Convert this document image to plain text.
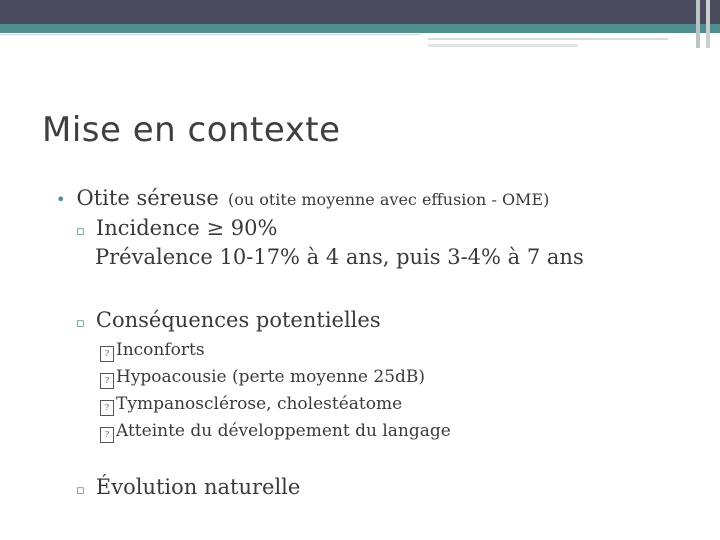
Mise en contexte
• Otite séreuse (ou otite moyenne avec effusion - OME)
▫ Incidence ≥ 90%
Prévalence 10-17% à 4 ans, puis 3-4% à 7 ans
▫ Conséquences potentielles
? Inconforts
? Hypoacousie (perte moyenne 25dB)
? Tympanosclérose, cholestéatome
? Atteinte du développement du langage
▫ Évolution naturelle
